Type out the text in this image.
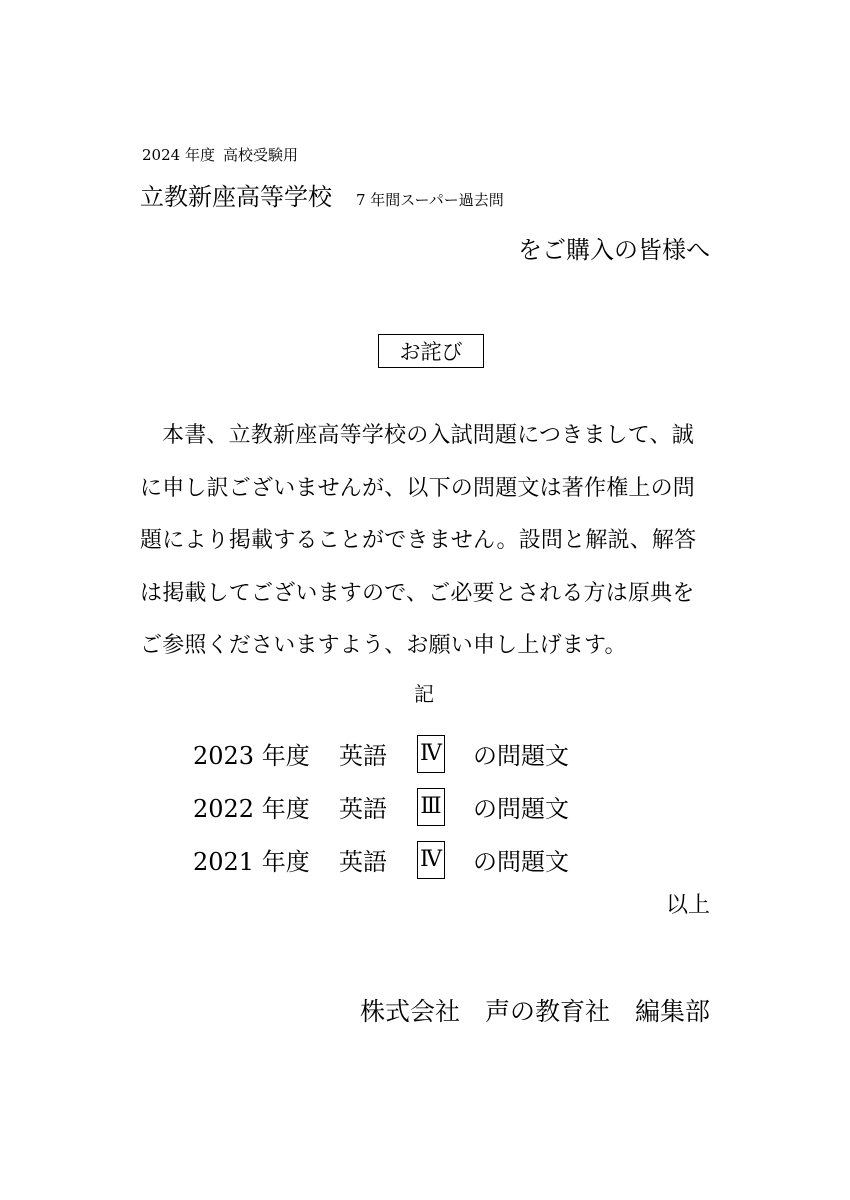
2024 年度 高校受験用
立教新座高等学校 7 年間スーパー過去問
をご購入の皆様へ
お詫び

本書、立教新座高等学校の入試問題につきまして、誠に申し訳ございませんが、以下の問題文は著作権上の問題により掲載することができません。設問と解説、解答は掲載してございますので、ご必要とされる方は原典をご参照くださいますよう、お願い申し上げます。

記
2023 年度	英語	Ⅳ の問題文
2022 年度	英語	Ⅲ の問題文
2021 年度	英語	Ⅳ の問題文
以上
株式会社　声の教育社　編集部
